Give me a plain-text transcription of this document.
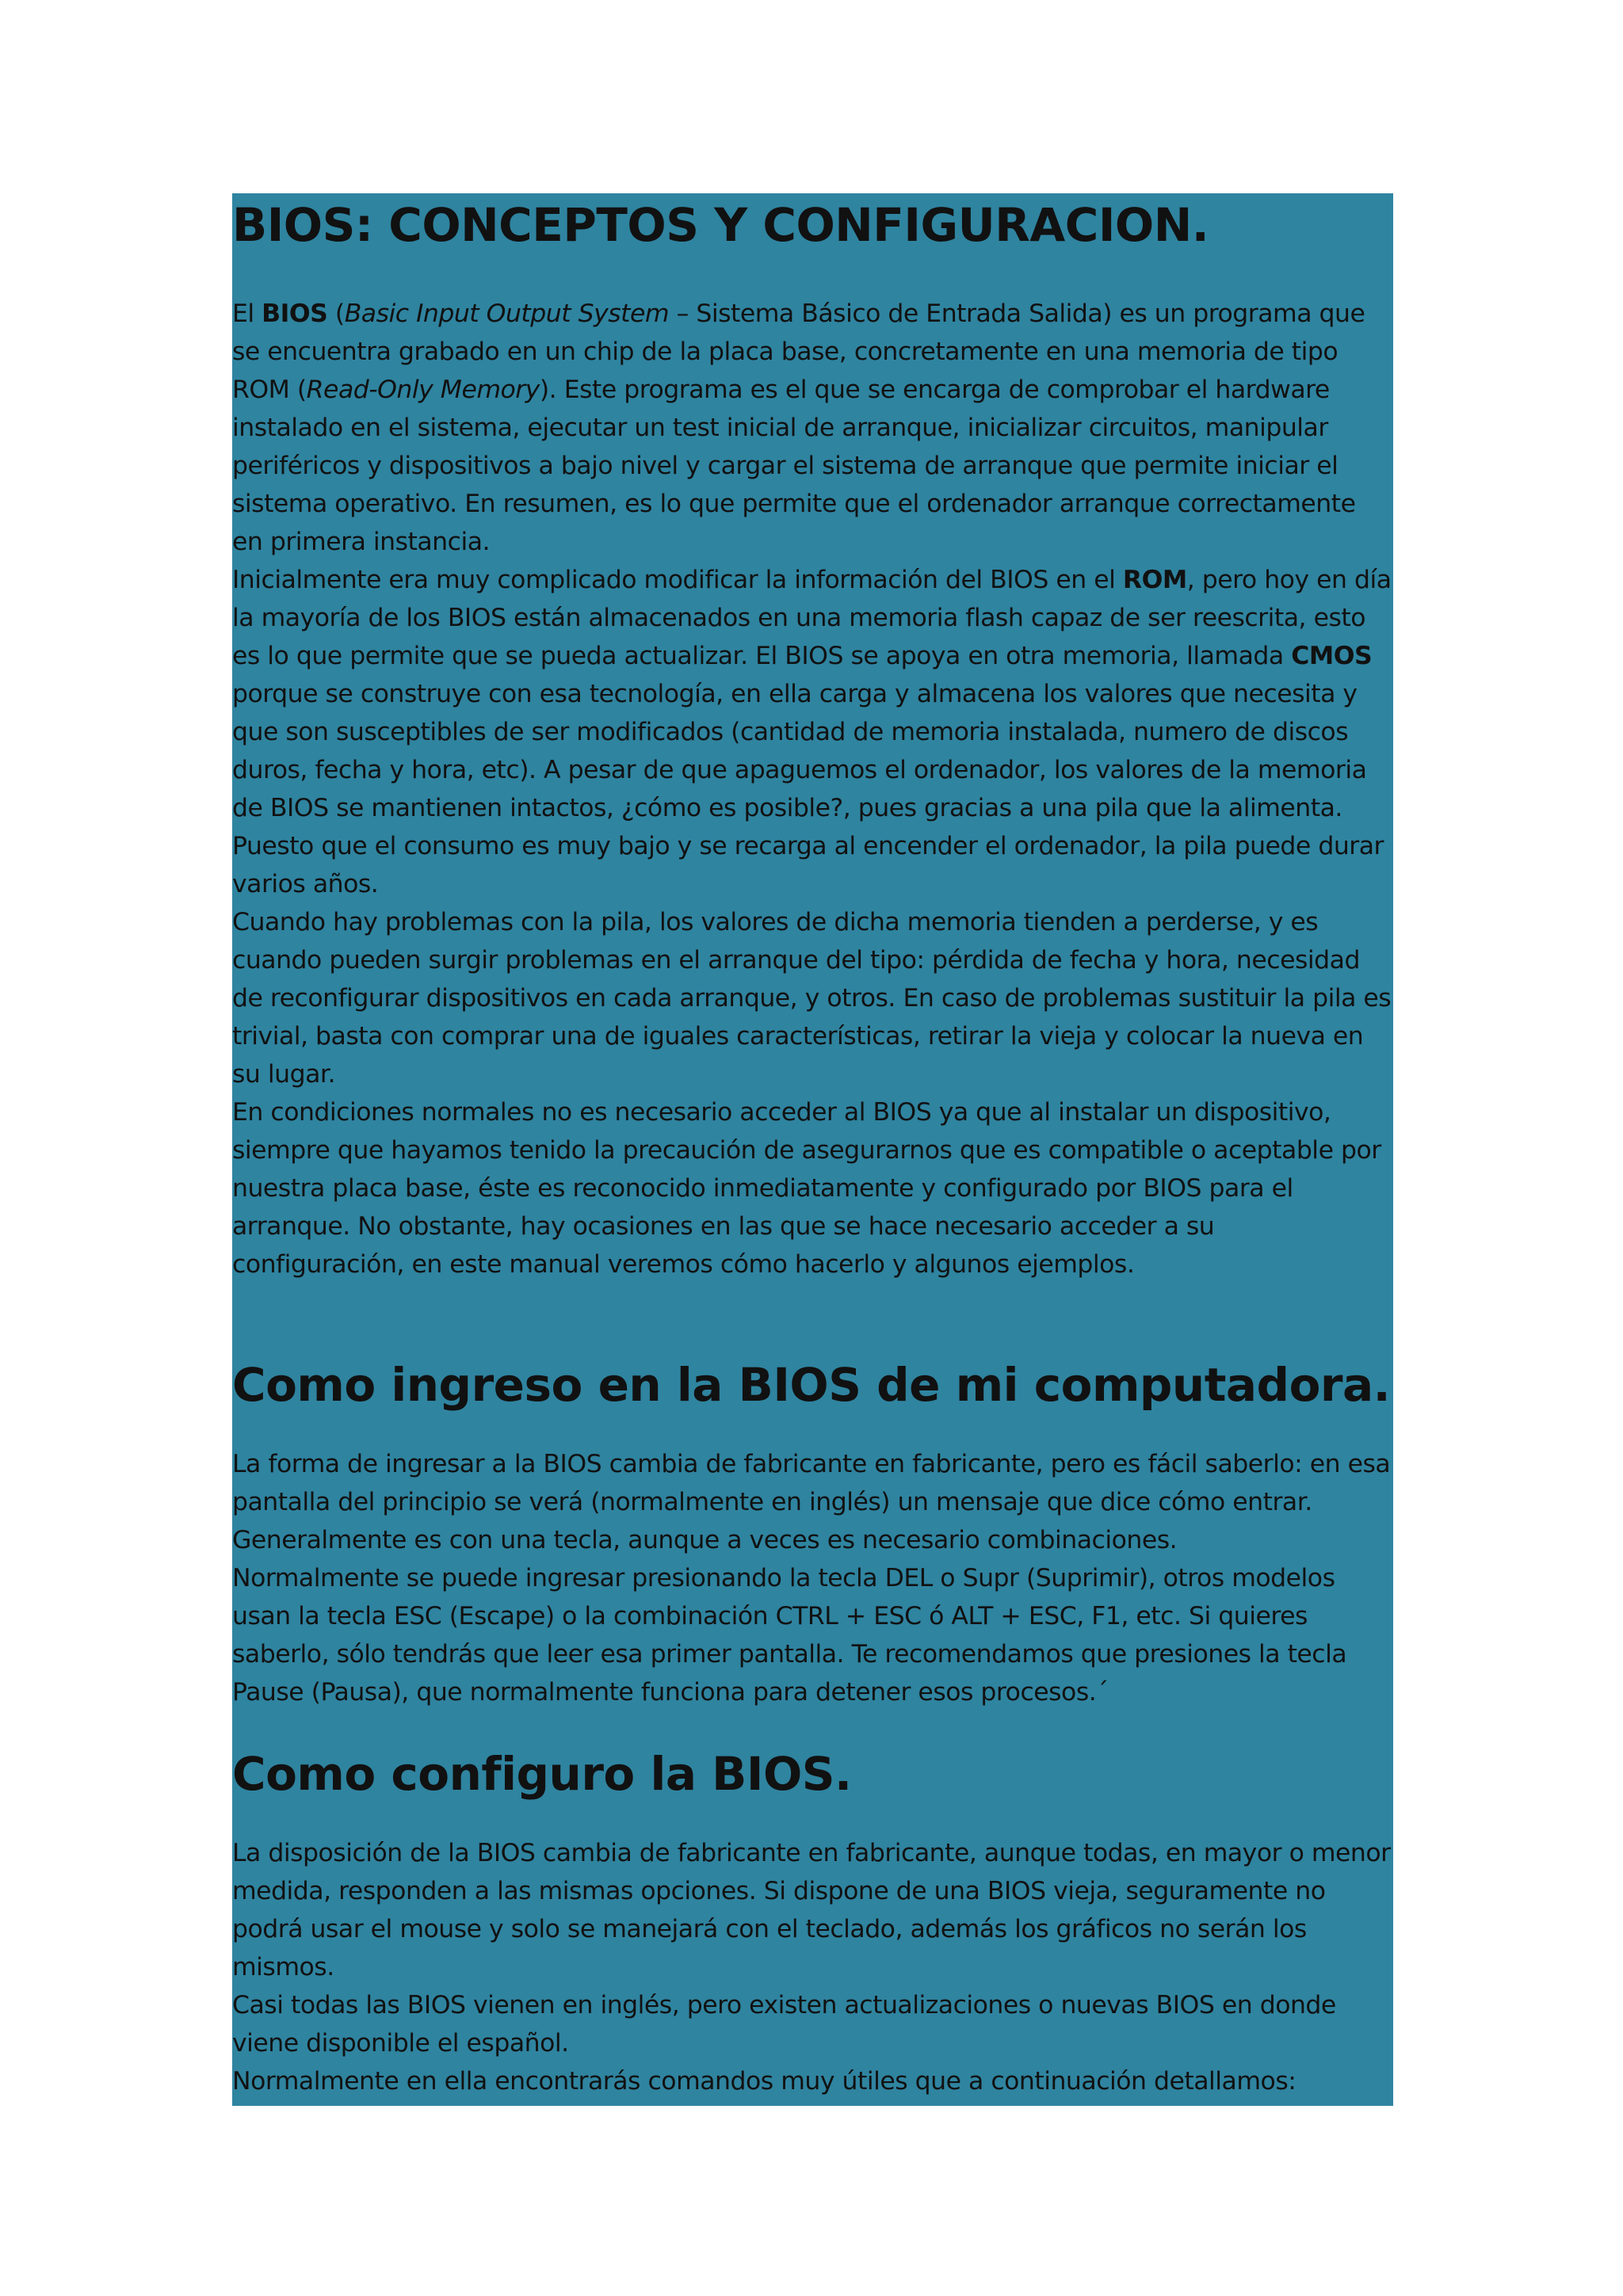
BIOS: CONCEPTOS Y CONFIGURACION.

El BIOS (Basic Input Output System – Sistema Básico de Entrada Salida) es un programa que se encuentra grabado en un chip de la placa base, concretamente en una memoria de tipo ROM (Read-Only Memory). Este programa es el que se encarga de comprobar el hardware instalado en el sistema, ejecutar un test inicial de arranque, inicializar circuitos, manipular periféricos y dispositivos a bajo nivel y cargar el sistema de arranque que permite iniciar el sistema operativo. En resumen, es lo que permite que el ordenador arranque correctamente en primera instancia.
Inicialmente era muy complicado modificar la información del BIOS en el ROM, pero hoy en día la mayoría de los BIOS están almacenados en una memoria flash capaz de ser reescrita, esto es lo que permite que se pueda actualizar. El BIOS se apoya en otra memoria, llamada CMOS porque se construye con esa tecnología, en ella carga y almacena los valores que necesita y que son susceptibles de ser modificados (cantidad de memoria instalada, numero de discos duros, fecha y hora, etc). A pesar de que apaguemos el ordenador, los valores de la memoria de BIOS se mantienen intactos, ¿cómo es posible?, pues gracias a una pila que la alimenta. Puesto que el consumo es muy bajo y se recarga al encender el ordenador, la pila puede durar varios años.
Cuando hay problemas con la pila, los valores de dicha memoria tienden a perderse, y es cuando pueden surgir problemas en el arranque del tipo: pérdida de fecha y hora, necesidad de reconfigurar dispositivos en cada arranque, y otros. En caso de problemas sustituir la pila es trivial, basta con comprar una de iguales características, retirar la vieja y colocar la nueva en su lugar.
En condiciones normales no es necesario acceder al BIOS ya que al instalar un dispositivo, siempre que hayamos tenido la precaución de asegurarnos que es compatible o aceptable por nuestra placa base, éste es reconocido inmediatamente y configurado por BIOS para el arranque. No obstante, hay ocasiones en las que se hace necesario acceder a su configuración, en este manual veremos cómo hacerlo y algunos ejemplos.

Como ingreso en la BIOS de mi computadora.

La forma de ingresar a la BIOS cambia de fabricante en fabricante, pero es fácil saberlo: en esa pantalla del principio se verá (normalmente en inglés) un mensaje que dice cómo entrar. Generalmente es con una tecla, aunque a veces es necesario combinaciones.
Normalmente se puede ingresar presionando la tecla DEL o Supr (Suprimir), otros modelos usan la tecla ESC (Escape) o la combinación CTRL + ESC ó ALT + ESC, F1, etc. Si quieres saberlo, sólo tendrás que leer esa primer pantalla. Te recomendamos que presiones la tecla Pause (Pausa), que normalmente funciona para detener esos procesos.´

Como configuro la BIOS.

La disposición de la BIOS cambia de fabricante en fabricante, aunque todas, en mayor o menor medida, responden a las mismas opciones. Si dispone de una BIOS vieja, seguramente no podrá usar el mouse y solo se manejará con el teclado, además los gráficos no serán los mismos.
Casi todas las BIOS vienen en inglés, pero existen actualizaciones o nuevas BIOS en donde viene disponible el español.
Normalmente en ella encontrarás comandos muy útiles que a continuación detallamos:
